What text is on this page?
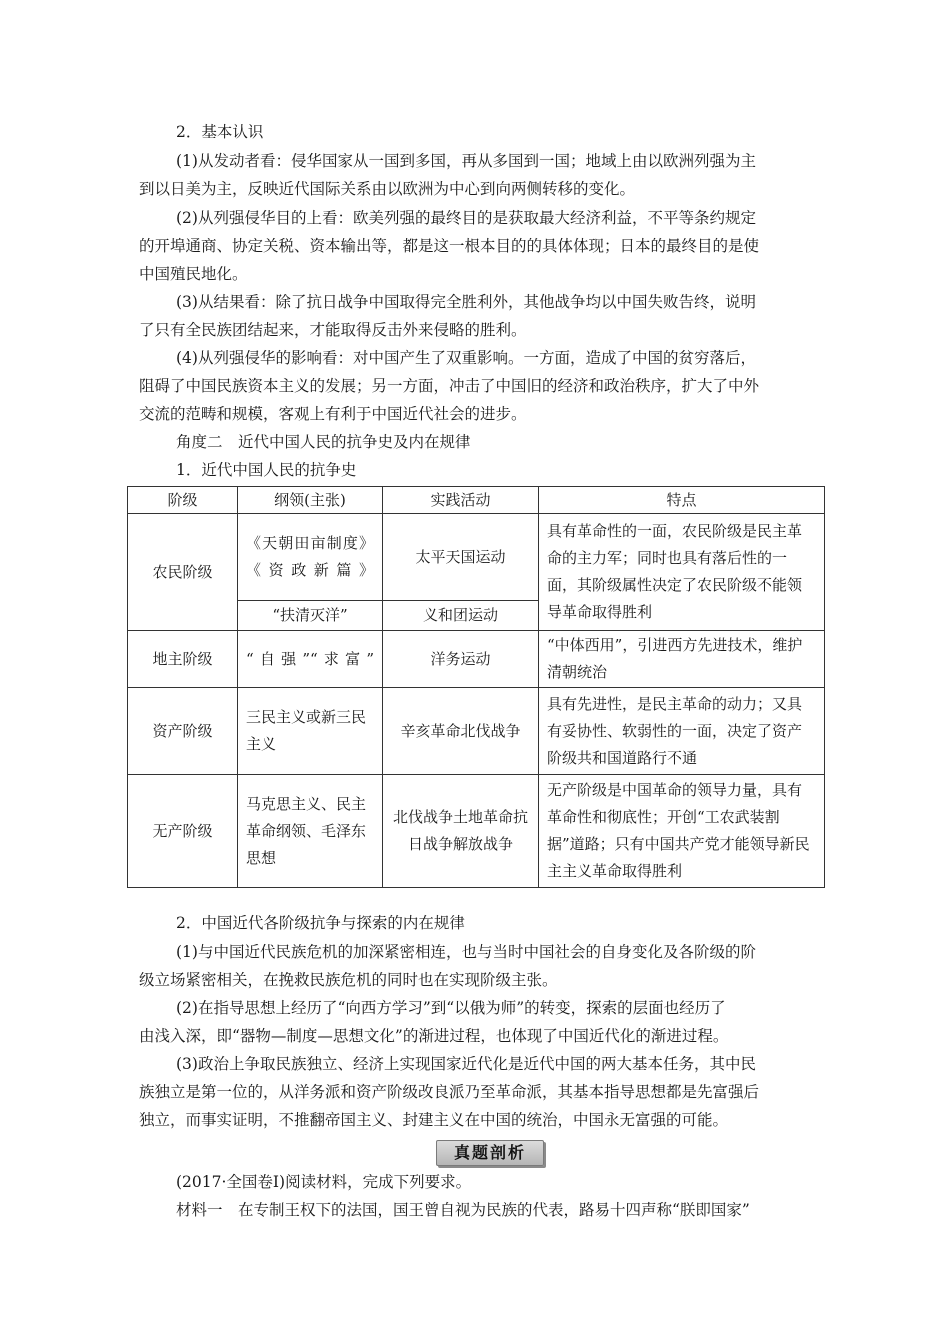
2．基本认识
(1)从发动者看：侵华国家从一国到多国，再从多国到一国；地域上由以欧洲列强为主
到以日美为主，反映近代国际关系由以欧洲为中心到向两侧转移的变化。
(2)从列强侵华目的上看：欧美列强的最终目的是获取最大经济利益，不平等条约规定
的开埠通商、协定关税、资本输出等，都是这一根本目的的具体体现；日本的最终目的是使
中国殖民地化。
(3)从结果看：除了抗日战争中国取得完全胜利外，其他战争均以中国失败告终，说明
了只有全民族团结起来，才能取得反击外来侵略的胜利。
(4)从列强侵华的影响看：对中国产生了双重影响。一方面，造成了中国的贫穷落后，
阻碍了中国民族资本主义的发展；另一方面，冲击了中国旧的经济和政治秩序，扩大了中外
交流的范畴和规模，客观上有利于中国近代社会的进步。
角度二　近代中国人民的抗争史及内在规律
1．近代中国人民的抗争史
阶级	纲领(主张)	实践活动	特点
农民阶级	《天朝田亩制度》《资政新篇》	太平天国运动	具有革命性的一面，农民阶级是民主革命的主力军；同时也具有落后性的一面，其阶级属性决定了农民阶级不能领导革命取得胜利
	“扶清灭洋”	义和团运动	
地主阶级	“自强”“求富”	洋务运动	“中体西用”，引进西方先进技术，维护清朝统治
资产阶级	三民主义或新三民主义	辛亥革命北伐战争	具有先进性，是民主革命的动力；又具有妥协性、软弱性的一面，决定了资产阶级共和国道路行不通
无产阶级	马克思主义、民主革命纲领、毛泽东思想	北伐战争土地革命抗日战争解放战争	无产阶级是中国革命的领导力量，具有革命性和彻底性；开创“工农武装割据”道路；只有中国共产党才能领导新民主主义革命取得胜利
2．中国近代各阶级抗争与探索的内在规律
(1)与中国近代民族危机的加深紧密相连，也与当时中国社会的自身变化及各阶级的阶
级立场紧密相关，在挽救民族危机的同时也在实现阶级主张。
(2)在指导思想上经历了“向西方学习”到“以俄为师”的转变，探索的层面也经历了
由浅入深，即“器物—制度—思想文化”的渐进过程，也体现了中国近代化的渐进过程。
(3)政治上争取民族独立、经济上实现国家近代化是近代中国的两大基本任务，其中民
族独立是第一位的，从洋务派和资产阶级改良派乃至革命派，其基本指导思想都是先富强后
独立，而事实证明，不推翻帝国主义、封建主义在中国的统治，中国永无富强的可能。
真题剖析
(2017·全国卷Ⅰ)阅读材料，完成下列要求。
材料一　在专制王权下的法国，国王曾自视为民族的代表，路易十四声称“朕即国家”
